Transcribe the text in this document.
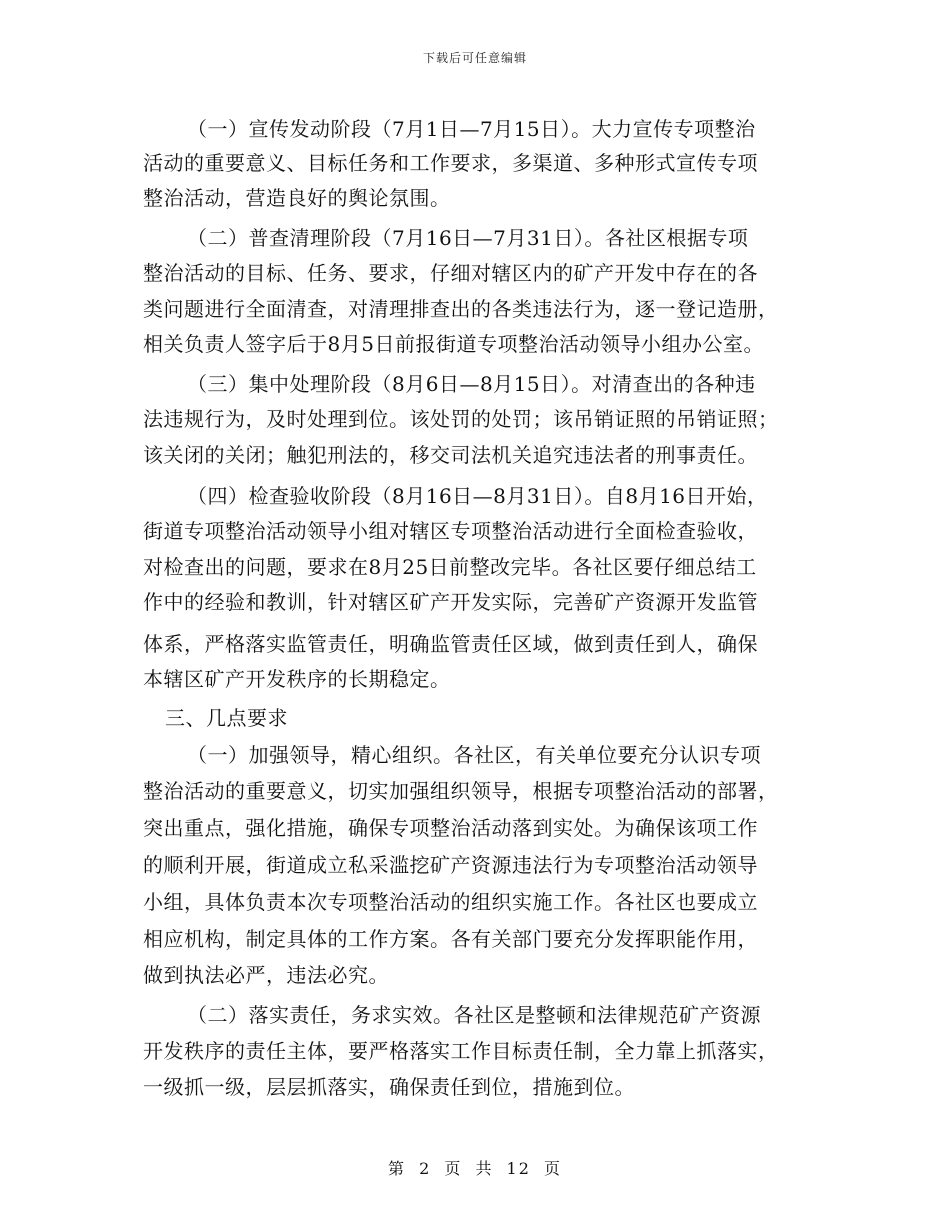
下载后可任意编辑
（一）宣传发动阶段（7月1日—7月15日）。大力宣传专项整治
活动的重要意义、目标任务和工作要求，多渠道、多种形式宣传专项
整治活动，营造良好的舆论氛围。
（二）普查清理阶段（7月16日—7月31日）。各社区根据专项
整治活动的目标、任务、要求，仔细对辖区内的矿产开发中存在的各
类问题进行全面清查，对清理排查出的各类违法行为，逐一登记造册，
相关负责人签字后于8月5日前报街道专项整治活动领导小组办公室。
（三）集中处理阶段（8月6日—8月15日）。对清查出的各种违
法违规行为，及时处理到位。该处罚的处罚；该吊销证照的吊销证照；
该关闭的关闭；触犯刑法的，移交司法机关追究违法者的刑事责任。
（四）检查验收阶段（8月16日—8月31日）。自8月16日开始，
街道专项整治活动领导小组对辖区专项整治活动进行全面检查验收，
对检查出的问题，要求在8月25日前整改完毕。各社区要仔细总结工
作中的经验和教训，针对辖区矿产开发实际，完善矿产资源开发监管
体系，严格落实监管责任，明确监管责任区域，做到责任到人，确保
本辖区矿产开发秩序的长期稳定。
三、几点要求
（一）加强领导，精心组织。各社区，有关单位要充分认识专项
整治活动的重要意义，切实加强组织领导，根据专项整治活动的部署，
突出重点，强化措施，确保专项整治活动落到实处。为确保该项工作
的顺利开展，街道成立私采滥挖矿产资源违法行为专项整治活动领导
小组，具体负责本次专项整治活动的组织实施工作。各社区也要成立
相应机构，制定具体的工作方案。各有关部门要充分发挥职能作用，
做到执法必严，违法必究。
（二）落实责任，务求实效。各社区是整顿和法律规范矿产资源
开发秩序的责任主体，要严格落实工作目标责任制，全力靠上抓落实，
一级抓一级，层层抓落实，确保责任到位，措施到位。
第 2 页 共 12 页
